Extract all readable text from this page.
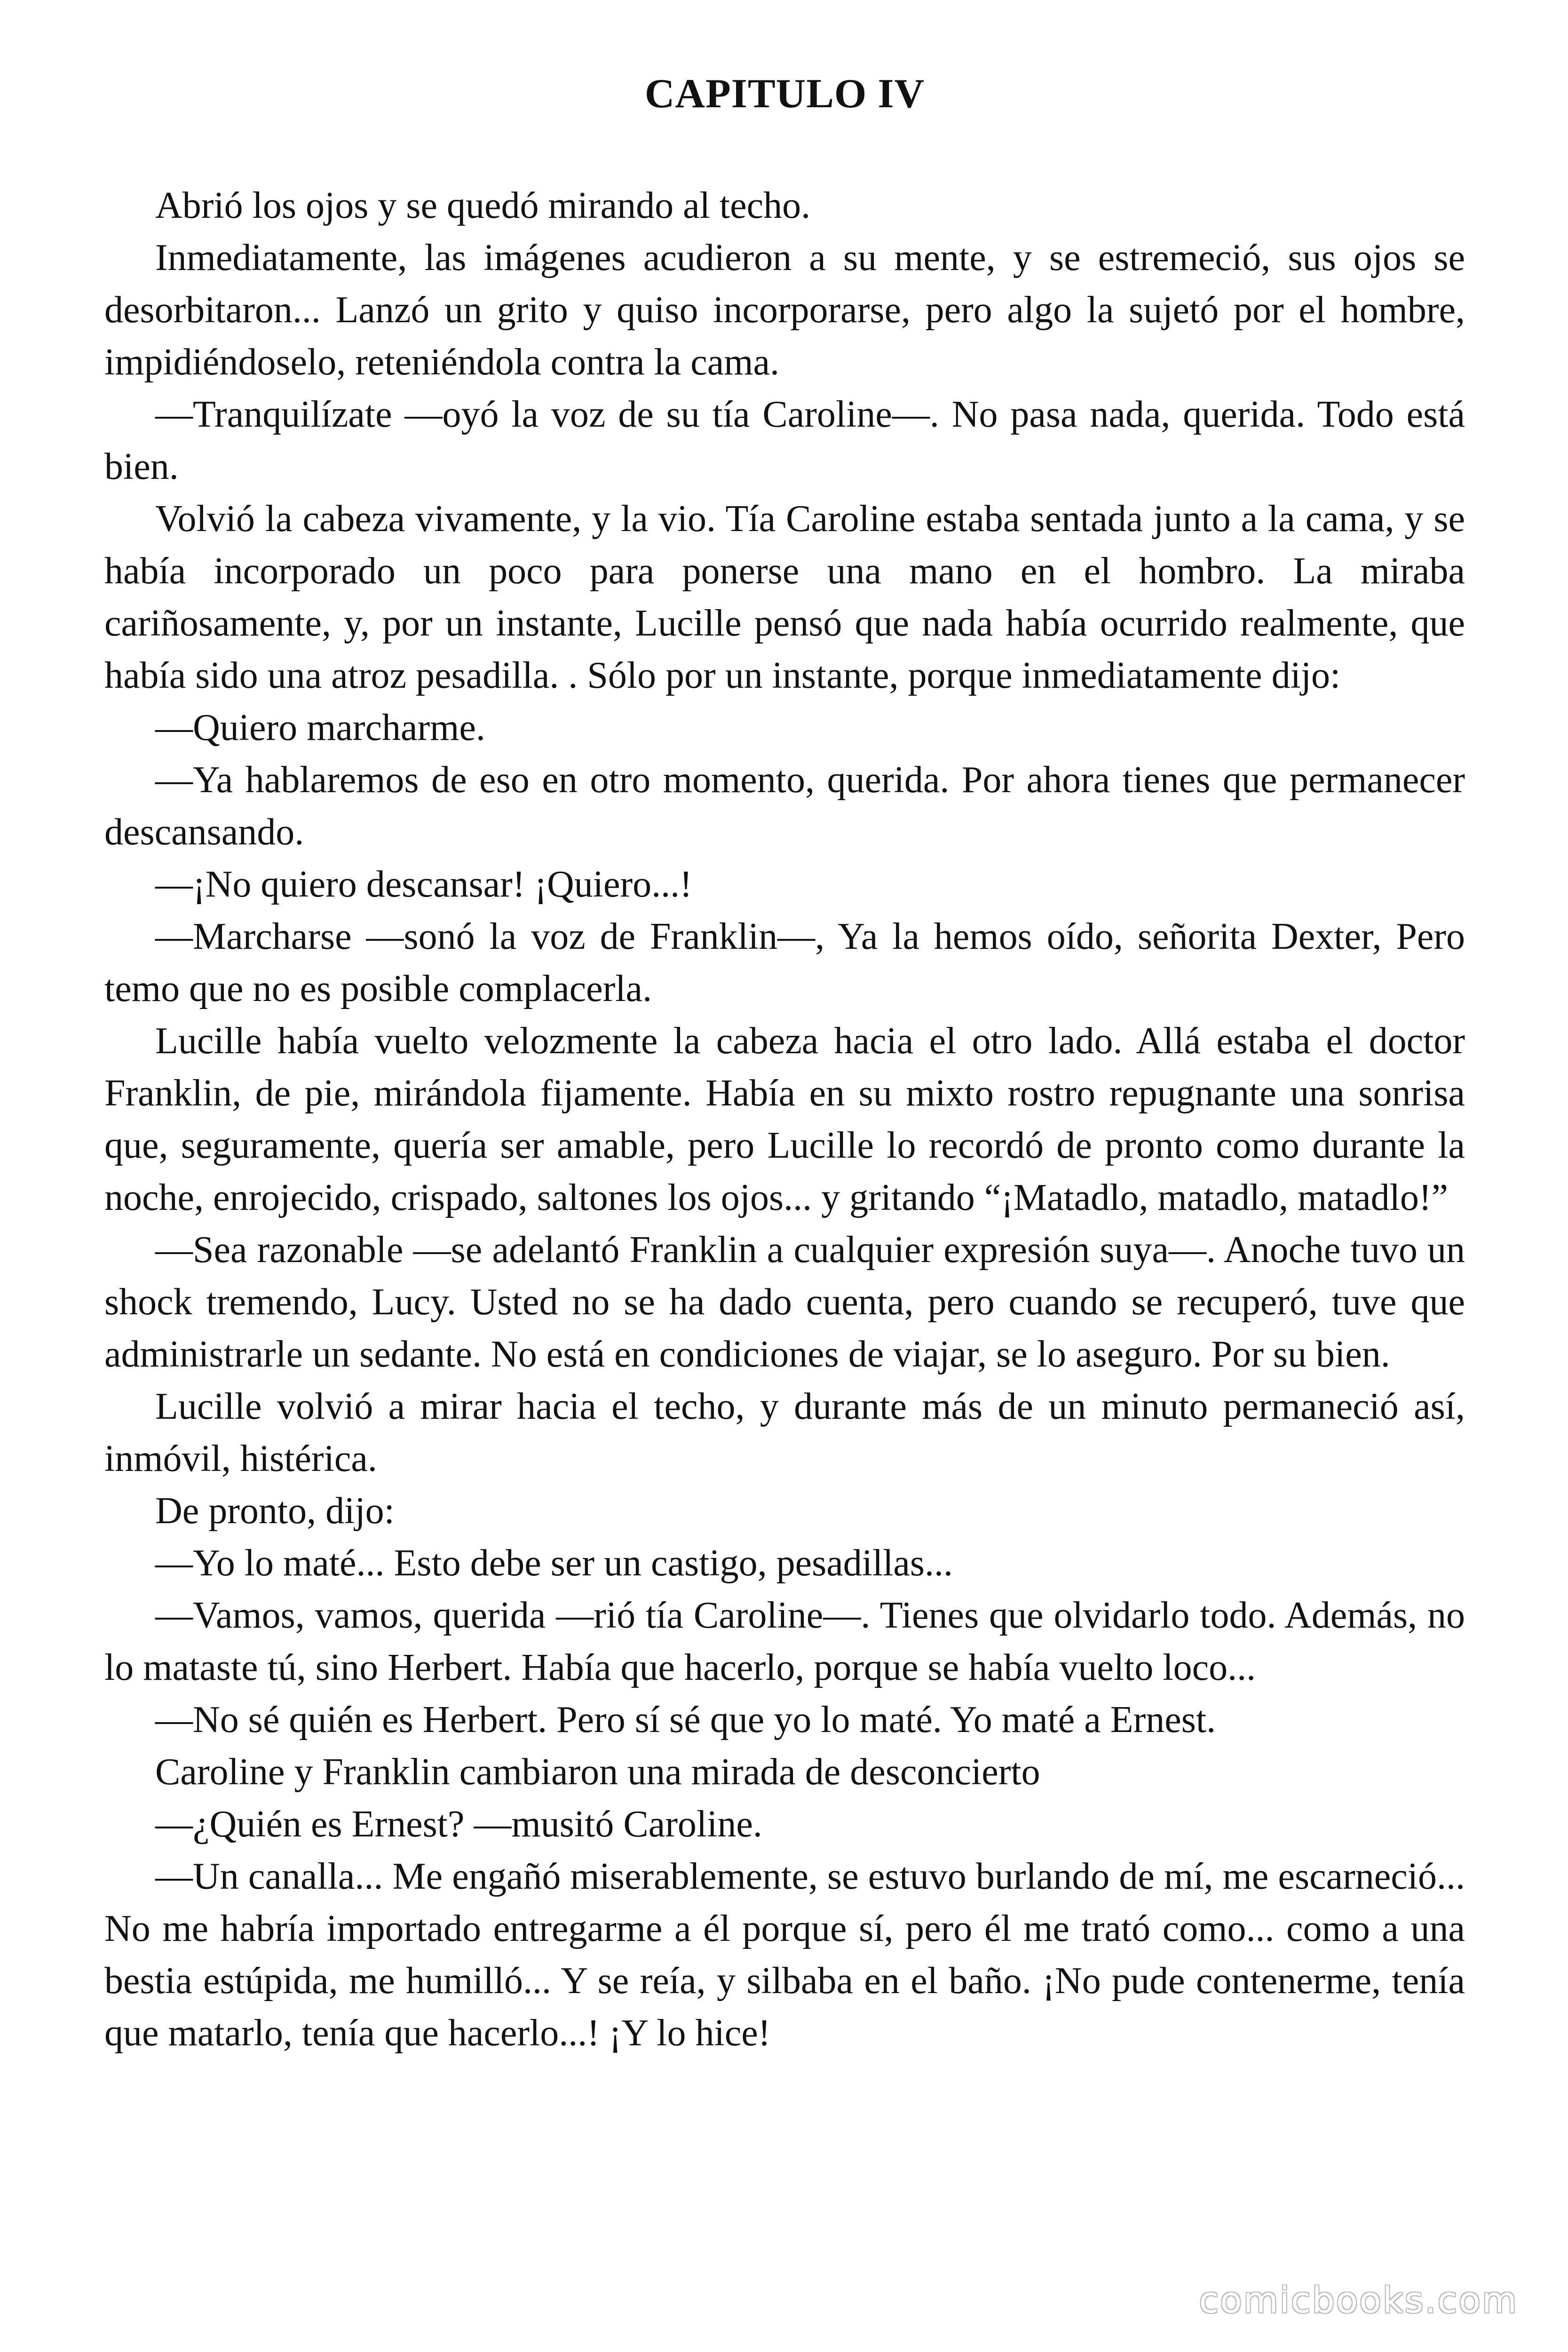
CAPITULO IV

Abrió los ojos y se quedó mirando al techo.

Inmediatamente, las imágenes acudieron a su mente, y se estremeció, sus ojos se desorbitaron... Lanzó un grito y quiso incorporarse, pero algo la sujetó por el hombre, impidiéndoselo, reteniéndola contra la cama.

—Tranquilízate —oyó la voz de su tía Caroline—. No pasa nada, querida. Todo está bien.

Volvió la cabeza vivamente, y la vio. Tía Caroline estaba sentada junto a la cama, y se había incorporado un poco para ponerse una mano en el hombro. La miraba cariñosamente, y, por un instante, Lucille pensó que nada había ocurrido realmente, que había sido una atroz pesadilla. . Sólo por un instante, porque inmediatamente dijo:

—Quiero marcharme.

—Ya hablaremos de eso en otro momento, querida. Por ahora tienes que permanecer descansando.

—¡No quiero descansar! ¡Quiero...!

—Marcharse —sonó la voz de Franklin—, Ya la hemos oído, señorita Dexter, Pero temo que no es posible complacerla.

Lucille había vuelto velozmente la cabeza hacia el otro lado. Allá estaba el doctor Franklin, de pie, mirándola fijamente. Había en su mixto rostro repugnante una sonrisa que, seguramente, quería ser amable, pero Lucille lo recordó de pronto como durante la noche, enrojecido, crispado, saltones los ojos... y gritando “¡Matadlo, matadlo, matadlo!”

—Sea razonable —se adelantó Franklin a cualquier expresión suya—. Anoche tuvo un shock tremendo, Lucy. Usted no se ha dado cuenta, pero cuando se recuperó, tuve que administrarle un sedante. No está en condiciones de viajar, se lo aseguro. Por su bien.

Lucille volvió a mirar hacia el techo, y durante más de un minuto permaneció así, inmóvil, histérica.

De pronto, dijo:

—Yo lo maté... Esto debe ser un castigo, pesadillas...

—Vamos, vamos, querida —rió tía Caroline—. Tienes que olvidarlo todo. Además, no lo mataste tú, sino Herbert. Había que hacerlo, porque se había vuelto loco...

—No sé quién es Herbert. Pero sí sé que yo lo maté. Yo maté a Ernest.

Caroline y Franklin cambiaron una mirada de desconcierto

—¿Quién es Ernest? —musitó Caroline.

—Un canalla... Me engañó miserablemente, se estuvo burlando de mí, me escarneció... No me habría importado entregarme a él porque sí, pero él me trató como... como a una bestia estúpida, me humilló... Y se reía, y silbaba en el baño. ¡No pude contenerme, tenía que matarlo, tenía que hacerlo...! ¡Y lo hice!

comicbooks.com
